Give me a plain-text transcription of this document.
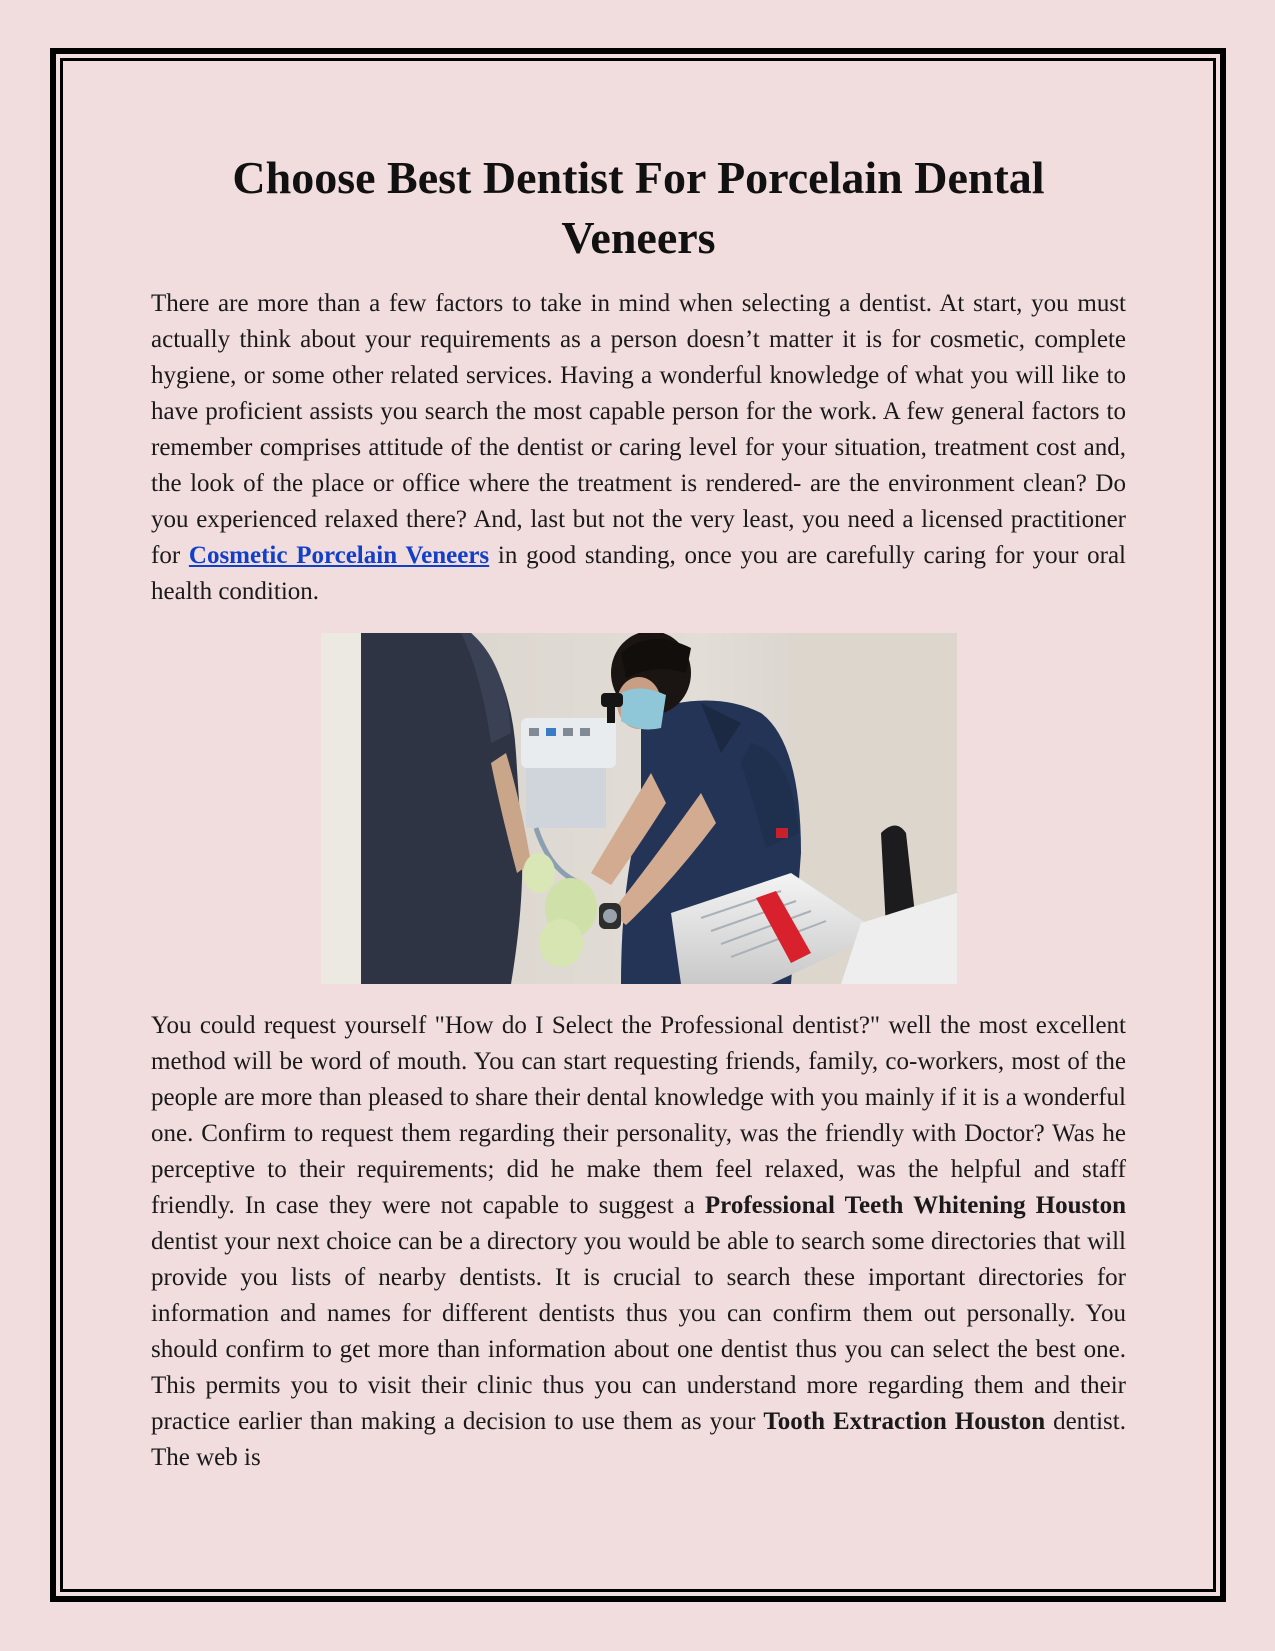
Choose Best Dentist For Porcelain Dental Veneers

There are more than a few factors to take in mind when selecting a dentist. At start, you must actually think about your requirements as a person doesn’t matter it is for cosmetic, complete hygiene, or some other related services. Having a wonderful knowledge of what you will like to have proficient assists you search the most capable person for the work. A few general factors to remember comprises attitude of the dentist or caring level for your situation, treatment cost and, the look of the place or office where the treatment is rendered- are the environment clean? Do you experienced relaxed there? And, last but not the very least, you need a licensed practitioner for Cosmetic Porcelain Veneers in good standing, once you are carefully caring for your oral health condition.

You could request yourself "How do I Select the Professional dentist?" well the most excellent method will be word of mouth. You can start requesting friends, family, co-workers, most of the people are more than pleased to share their dental knowledge with you mainly if it is a wonderful one. Confirm to request them regarding their personality, was the friendly with Doctor? Was he perceptive to their requirements; did he make them feel relaxed, was the helpful and staff friendly. In case they were not capable to suggest a Professional Teeth Whitening Houston dentist your next choice can be a directory you would be able to search some directories that will provide you lists of nearby dentists. It is crucial to search these important directories for information and names for different dentists thus you can confirm them out personally. You should confirm to get more than information about one dentist thus you can select the best one. This permits you to visit their clinic thus you can understand more regarding them and their practice earlier than making a decision to use them as your Tooth Extraction Houston dentist. The web is
